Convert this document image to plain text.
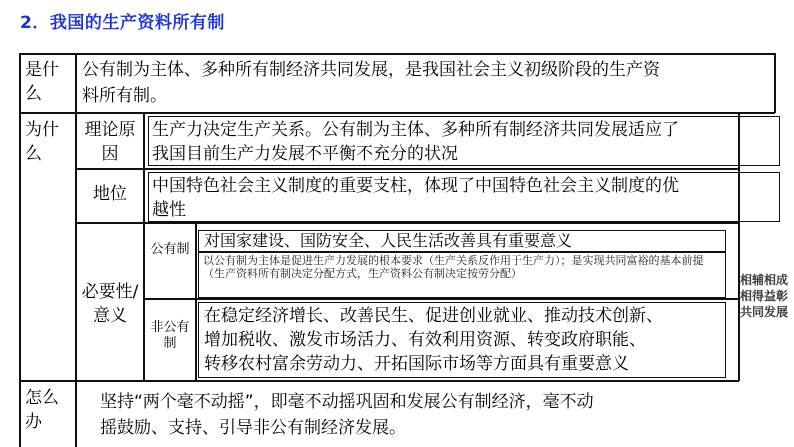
2．我国的生产资料所有制
是什么
公有制为主体、多种所有制经济共同发展，是我国社会主义初级阶段的生产资
料所有制。
为什么
理论原因
生产力决定生产关系。公有制为主体、多种所有制经济共同发展适应了
我国目前生产力发展不平衡不充分的状况
地位	中国特色社会主义制度的重要支柱，体现了中国特色社会主义制度的优
越性
必要性/意义
公有制 对国家建设、国防安全、人民生活改善具有重要意义
以公有制为主体是促进生产力发展的根本要求（生产关系反作用于生产力）；是实现共同富裕的基本前提（生产资料所有制决定分配方式，生产资料公有制决定按劳分配）
非公有制
在稳定经济增长、改善民生、促进创业就业、推动技术创新、
增加税收、激发市场活力、有效利用资源、转变政府职能、
转移农村富余劳动力、开拓国际市场等方面具有重要意义
相辅相成相得益彰共同发展
怎么办
坚持“两个毫不动摇”，即毫不动摇巩固和发展公有制经济，毫不动
摇鼓励、支持、引导非公有制经济发展。
